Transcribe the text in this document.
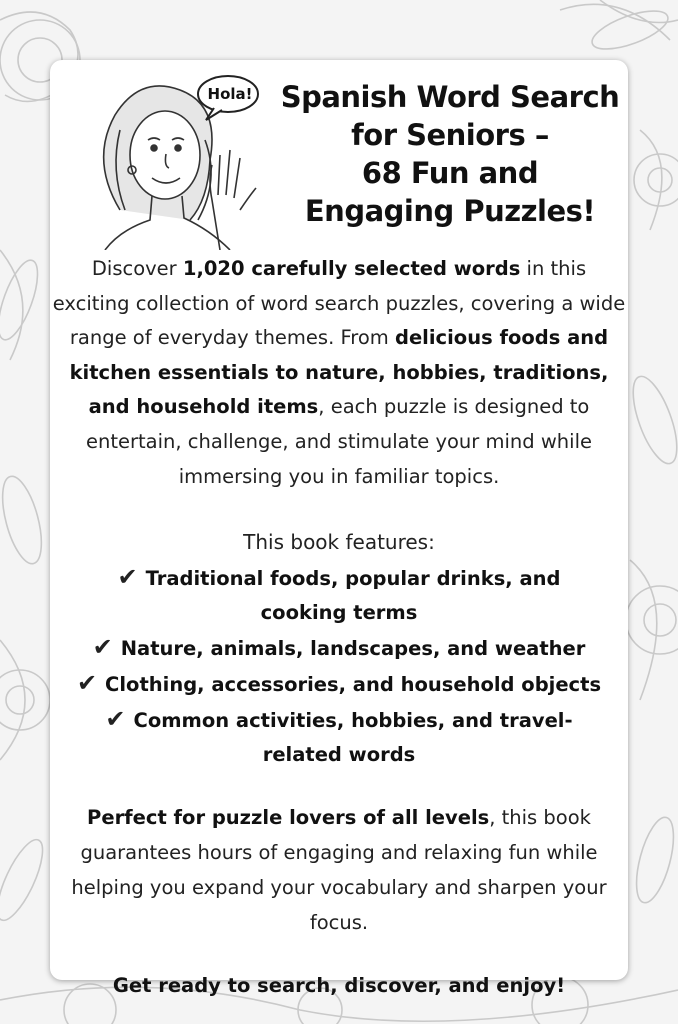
Hola! Spanish Word Search
for Seniors –
68 Fun and
Engaging Puzzles!
Discover 1,020 carefully selected words in this exciting collection of word search puzzles, covering a wide range of everyday themes. From delicious foods and kitchen essentials to nature, hobbies, traditions, and household items, each puzzle is designed to entertain, challenge, and stimulate your mind while immersing you in familiar topics.
This book features:
✔ Traditional foods, popular drinks, and cooking terms
✔ Nature, animals, landscapes, and weather
✔ Clothing, accessories, and household objects
✔ Common activities, hobbies, and travel-related words
Perfect for puzzle lovers of all levels, this book guarantees hours of engaging and relaxing fun while helping you expand your vocabulary and sharpen your focus.
Get ready to search, discover, and enjoy!
